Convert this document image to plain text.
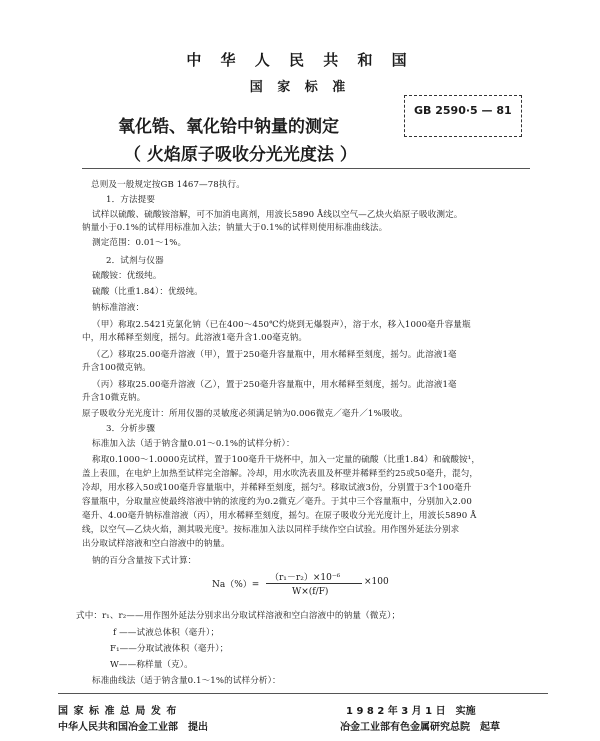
中 华 人 民 共 和 国
国 家 标 准
氧化锆、氧化铪中钠量的测定
（ 火焰原子吸收分光光度法 ）
GB 2590·5 — 81
总则及一般规定按GB 1467—78执行。
1．方法提要
试样以硫酸、硫酸铵溶解，可不加消电离剂，用波长5890 Å线以空气—乙炔火焰原子吸收测定。
钠量小于0.1%的试样用标准加入法；钠量大于0.1%的试样则使用标准曲线法。
测定范围：0.01～1%。
2．试剂与仪器
硫酸铵：优级纯。
硫酸（比重1.84）：优级纯。
钠标准溶液：
（甲）称取2.5421克氯化钠（已在400～450℃灼烧到无爆裂声），溶于水，移入1000毫升容量瓶
中，用水稀释至刻度，摇匀。此溶液1毫升含1.00毫克钠。
（乙）移取25.00毫升溶液（甲），置于250毫升容量瓶中，用水稀释至刻度，摇匀。此溶液1毫
升含100微克钠。
（丙）移取25.00毫升溶液（乙），置于250毫升容量瓶中，用水稀释至刻度，摇匀。此溶液1毫
升含10微克钠。
原子吸收分光光度计：所用仪器的灵敏度必须满足钠为0.006微克／毫升／1%吸收。
3．分析步骤
标准加入法（适于钠含量0.01～0.1%的试样分析）：
称取0.1000～1.0000克试样，置于100毫升干烧杯中，加入一定量的硫酸（比重1.84）和硫酸铵¹，
盖上表皿，在电炉上加热至试样完全溶解。冷却，用水吹洗表皿及杯壁并稀释至约25或50毫升，混匀，
冷却，用水移入50或100毫升容量瓶中，并稀释至刻度，摇匀²。移取试液3份，分别置于3个100毫升
容量瓶中，分取量应使最终溶液中钠的浓度约为0.2微克／毫升。于其中三个容量瓶中，分别加入2.00
毫升、4.00毫升钠标准溶液（丙），用水稀释至刻度，摇匀。在原子吸收分光光度计上，用波长5890 Å
线，以空气—乙炔火焰，测其吸光度³。按标准加入法以同样手续作空白试验。用作图外延法分别求
出分取试样溶液和空白溶液中的钠量。
钠的百分含量按下式计算：
Na（%）=
（r₁－r₂）×10⁻⁶
W×(f/F)
×100
式中：r₁、r₂——用作图外延法分别求出分取试样溶液和空白溶液中的钠量（微克）；
f ——试液总体积（毫升）；
F₁——分取试液体积（毫升）；
W——称样量（克）。
标准曲线法（适于钠含量0.1～1%的试样分析）：
国 家 标 准 总 局 发 布	1 9 8 2 年 3 月 1 日　实施
中华人民共和国冶金工业部　提出	冶金工业部有色金属研究总院　起草
